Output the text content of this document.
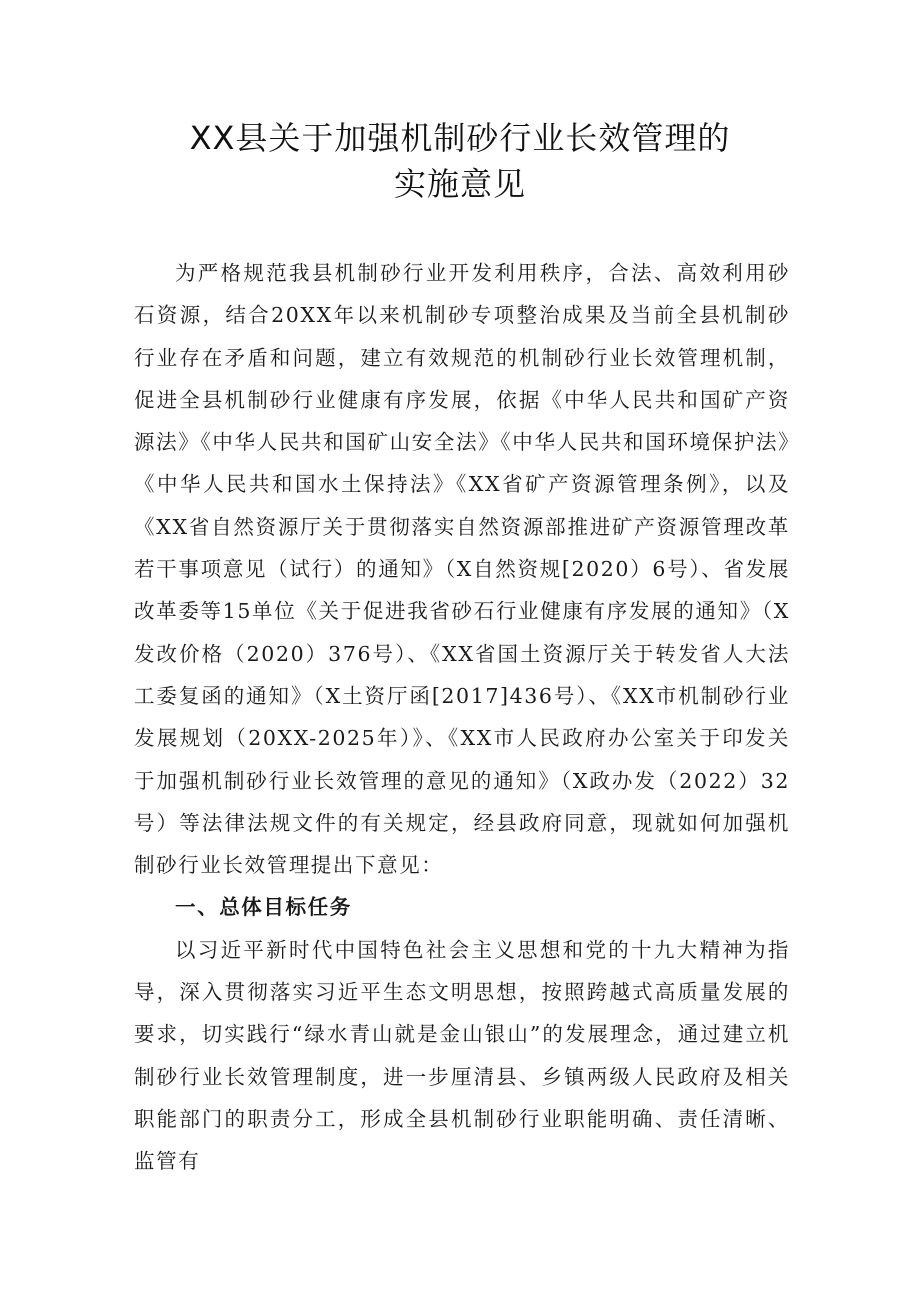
XX县关于加强机制砂行业长效管理的
实施意见

为严格规范我县机制砂行业开发利用秩序，合法、高效利用砂石资源，结合20XX年以来机制砂专项整治成果及当前全县机制砂行业存在矛盾和问题，建立有效规范的机制砂行业长效管理机制，促进全县机制砂行业健康有序发展，依据《中华人民共和国矿产资源法》《中华人民共和国矿山安全法》《中华人民共和国环境保护法》《中华人民共和国水土保持法》《XX省矿产资源管理条例》，以及《XX省自然资源厅关于贯彻落实自然资源部推进矿产资源管理改革若干事项意见（试行）的通知》（X自然资规[2020）6号）、省发展改革委等15单位《关于促进我省砂石行业健康有序发展的通知》（X发改价格（2020）376号）、《XX省国土资源厅关于转发省人大法工委复函的通知》（X土资厅函[2017]436号）、《XX市机制砂行业发展规划（20XX-2025年）》、《XX市人民政府办公室关于印发关于加强机制砂行业长效管理的意见的通知》（X政办发（2022）32号）等法律法规文件的有关规定，经县政府同意，现就如何加强机制砂行业长效管理提出下意见：

一、总体目标任务

以习近平新时代中国特色社会主义思想和党的十九大精神为指导，深入贯彻落实习近平生态文明思想，按照跨越式高质量发展的要求，切实践行“绿水青山就是金山银山”的发展理念，通过建立机制砂行业长效管理制度，进一步厘清县、乡镇两级人民政府及相关职能部门的职责分工，形成全县机制砂行业职能明确、责任清晰、监管有
